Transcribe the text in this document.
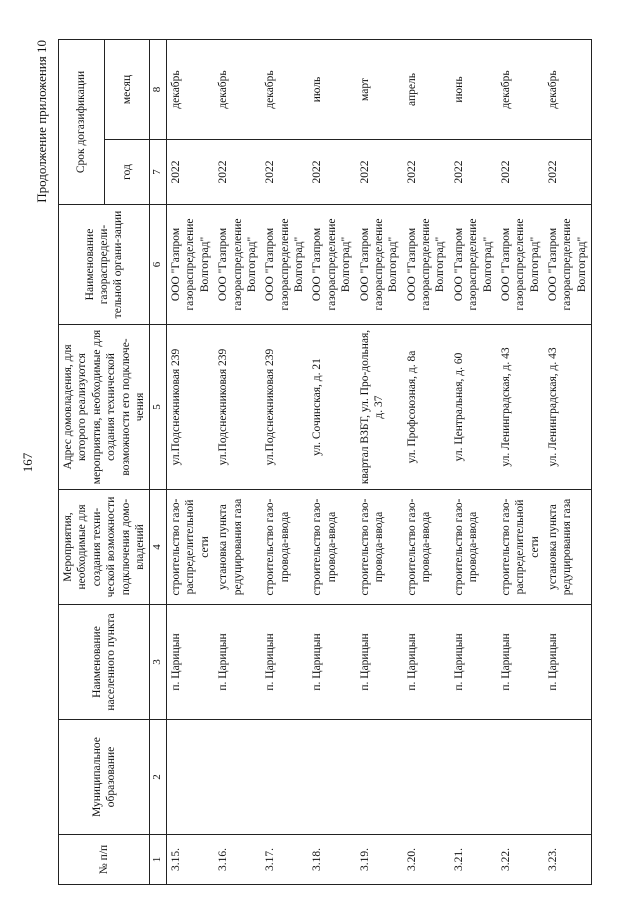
167
Продолжение приложения 10
№ п/п	Муниципальное образование	Наименование населенного пункта	Мероприятия, необходимые для создания техни-ческой возможности подключения домо-владений	Адрес домовладения, для которого реализуются мероприятия, необходимые для создания технической возможности его подключе-чения	Наименование газораспредели-тельной органи-зации	Срок догазификации	
						год	месяц
1	2	3	4	5	6	7	8
3.15.		п. Царицын	строительство газо-распределительной сети	ул.Подснежниковая 239	ООО "Газпром газораспределение Волгоград"	2022	декабрь
3.16.		п. Царицын	установка пункта редуцирования газа	ул.Подснежниковая 239	ООО "Газпром газораспределение Волгоград"	2022	декабрь
3.17.		п. Царицын	строительство газо-провода-ввода	ул.Подснежниковая 239	ООО "Газпром газораспределение Волгоград"	2022	декабрь
3.18.		п. Царицын	строительство газо-провода-ввода	ул. Сочинская, д. 21	ООО "Газпром газораспределение Волгоград"	2022	июль
3.19.		п. Царицын	строительство газо-провода-ввода	квартал ВЗБТ, ул. Про-дольная, д. 37	ООО "Газпром газораспределение Волгоград"	2022	март
3.20.		п. Царицын	строительство газо-провода-ввода	ул. Профсоюзная, д. 8а	ООО "Газпром газораспределение Волгоград"	2022	апрель
3.21.		п. Царицын	строительство газо-провода-ввода	ул. Центральная, д. 60	ООО "Газпром газораспределение Волгоград"	2022	июнь
3.22.		п. Царицын	строительство газо-распределительной сети	ул. Ленинградская, д. 43	ООО "Газпром газораспределение Волгоград"	2022	декабрь
3.23.		п. Царицын	установка пункта редуцирования газа	ул. Ленинградская, д. 43	ООО "Газпром газораспределение Волгоград"	2022	декабрь
